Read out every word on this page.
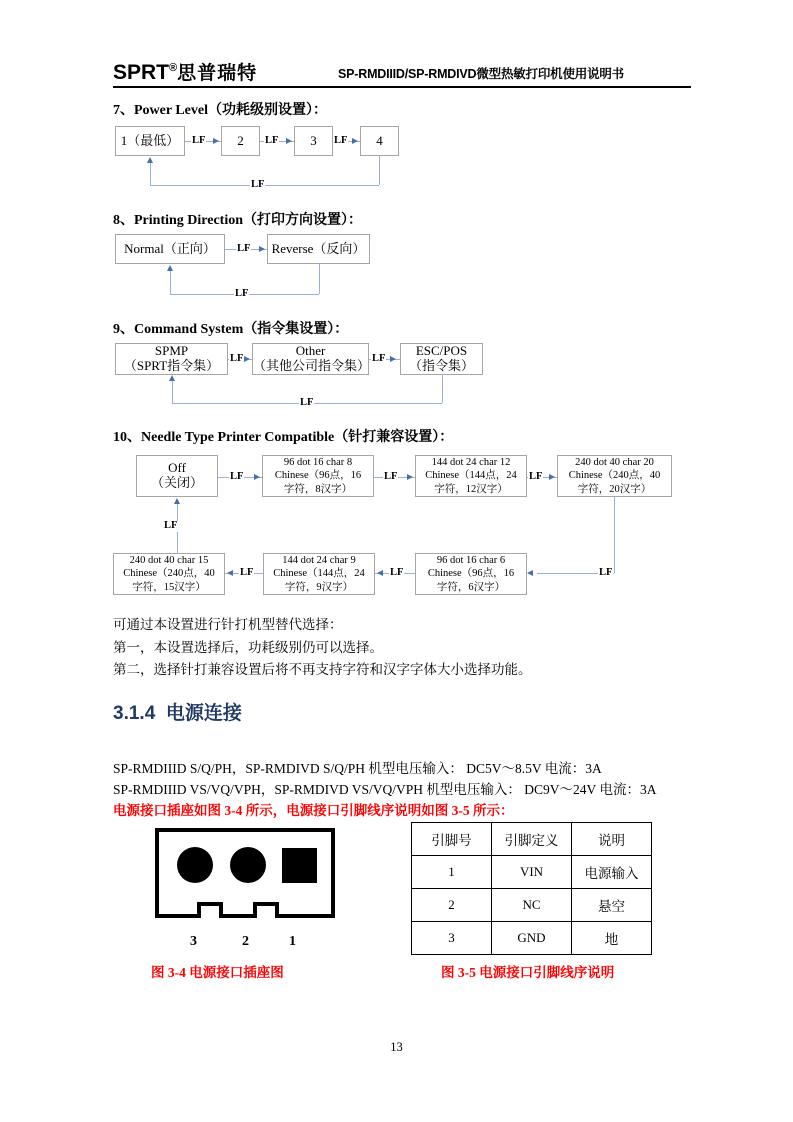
SPRT®思普瑞特	SP-RMDIIID/SP-RMDIVD微型热敏打印机使用说明书
7、Power Level（功耗级别设置）：
1（最低）	2	3	4
LF	LF	LF
LF
8、Printing Direction（打印方向设置）：
Normal（正向）	Reverse（反向）
LF
LF
9、Command System（指令集设置）：
SPMP
（SPRT指令集）
Other
（其他公司指令集）
ESC/POS
（指令集）
LF	LF
LF
10、Needle Type Printer Compatible（针打兼容设置）：
Off
（关闭）
96 dot 16 char 8
Chinese（96点，16
字符，8汉字）
144 dot 24 char 12
Chinese（144点，24
字符，12汉字）
240 dot 40 char 20
Chinese（240点，40
字符，20汉字）
LF	LF	LF
240 dot 40 char 15
Chinese（240点，40
字符，15汉字）
144 dot 24 char 9
Chinese（144点，24
字符，9汉字）
96 dot 16 char 6
Chinese（96点，16
字符，6汉字）
LF
LF
LF
LF
可通过本设置进行针打机型替代选择：
第一，本设置选择后，功耗级别仍可以选择。
第二，选择针打兼容设置后将不再支持字符和汉字字体大小选择功能。
3.1.4 电源连接
SP-RMDIIID S/Q/PH，SP-RMDIVD S/Q/PH 机型电压输入： DC5V～8.5V 电流：3A
SP-RMDIIID VS/VQ/VPH，SP-RMDIVD VS/VQ/VPH 机型电压输入： DC9V～24V 电流：3A
电源接口插座如图 3-4 所示，电源接口引脚线序说明如图 3-5 所示：
3	2	1
图 3-4 电源接口插座图
引脚号	引脚定义	说明
1	VIN	电源输入
2	NC	悬空
3	GND	地
图 3-5 电源接口引脚线序说明
13
